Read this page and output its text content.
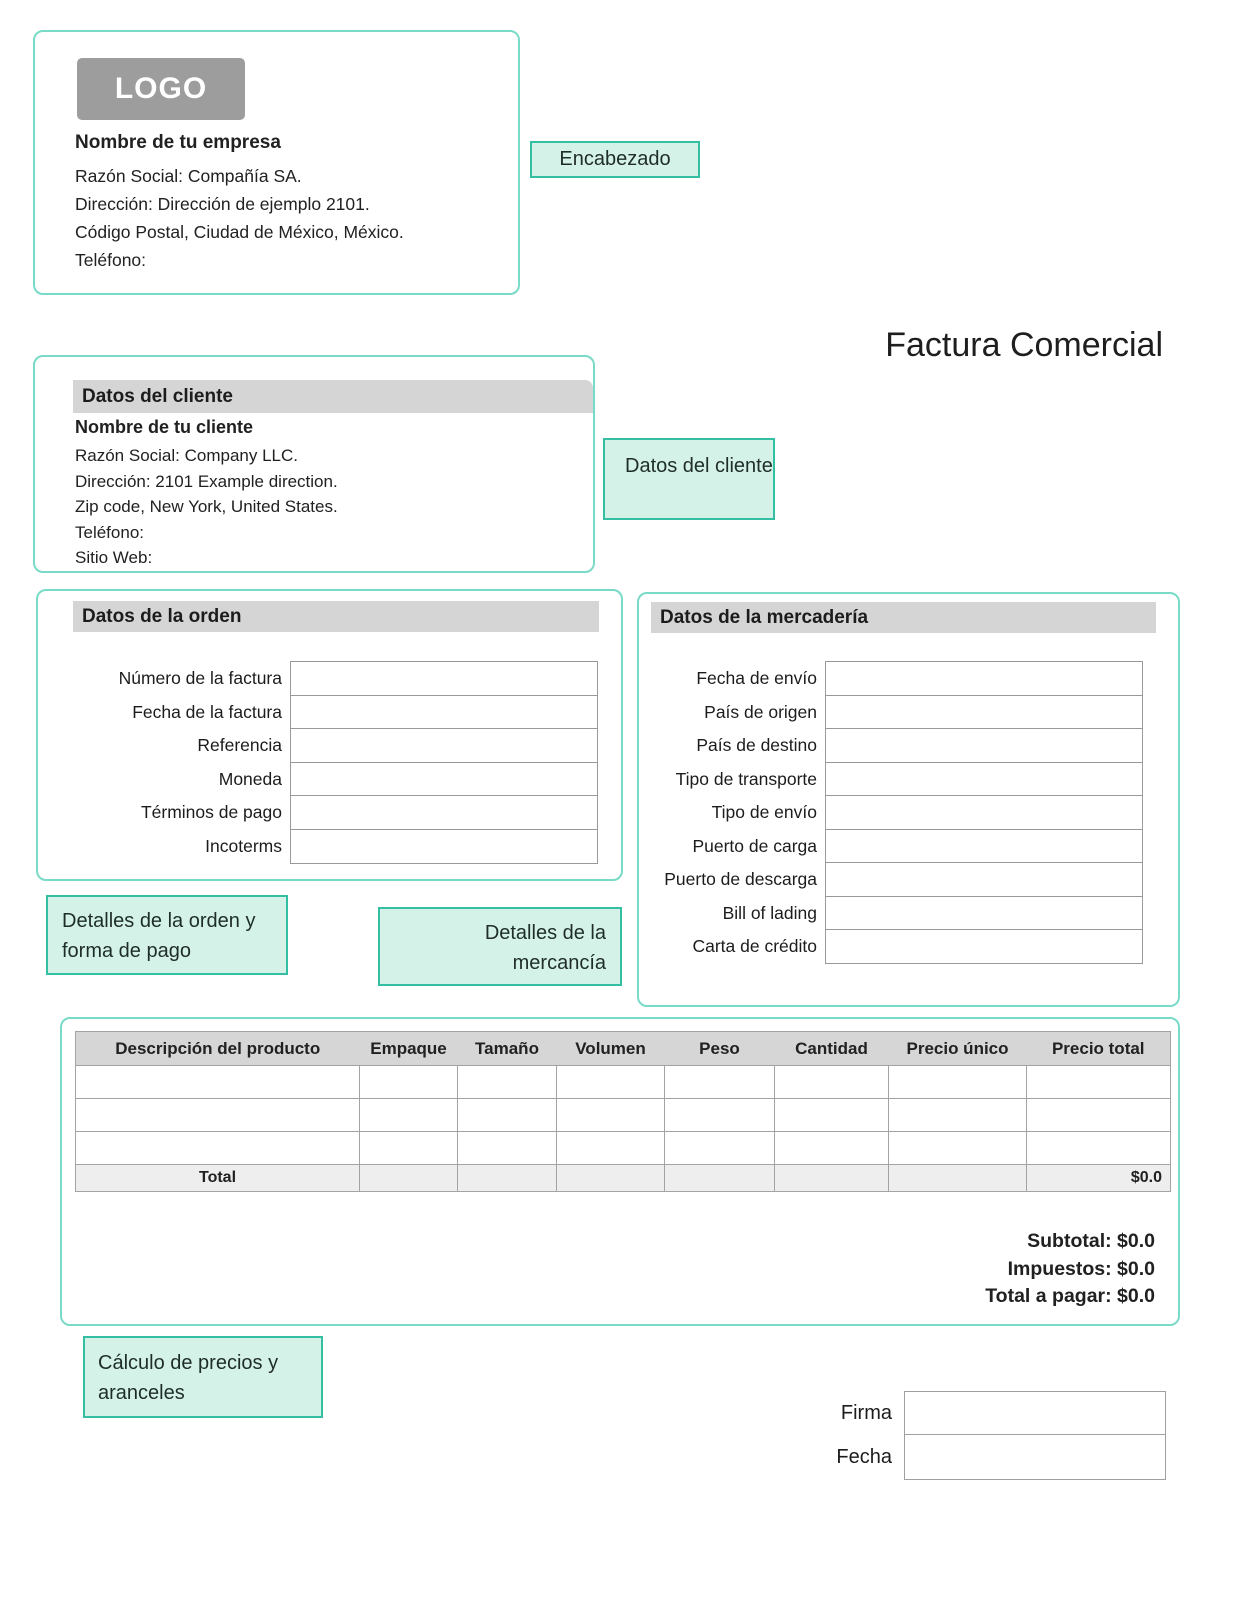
LOGO
Nombre de tu empresa
Razón Social: Compañía SA.
Dirección: Dirección de ejemplo 2101.
Código Postal, Ciudad de México, México.
Teléfono:
Encabezado
Factura Comercial
Datos del cliente
Nombre de tu cliente
Razón Social: Company LLC.
Dirección: 2101 Example direction.
Zip code, New York, United States.
Teléfono:
Sitio Web:
Datos del cliente
Datos de la orden
Número de la factura
Fecha de la factura
Referencia
Moneda
Términos de pago
Incoterms
Datos de la mercadería
Fecha de envío
País de origen
País de destino
Tipo de transporte
Tipo de envío
Puerto de carga
Puerto de descarga
Bill of lading
Carta de crédito
Detalles de la orden y forma de pago
Detalles de la mercancía
Descripción del producto	Empaque	Tamaño	Volumen	Peso	Cantidad	Precio único	Precio total

Total							$0.0
Subtotal: $0.0
Impuestos: $0.0
Total a pagar: $0.0
Cálculo de precios y aranceles
Firma
Fecha
